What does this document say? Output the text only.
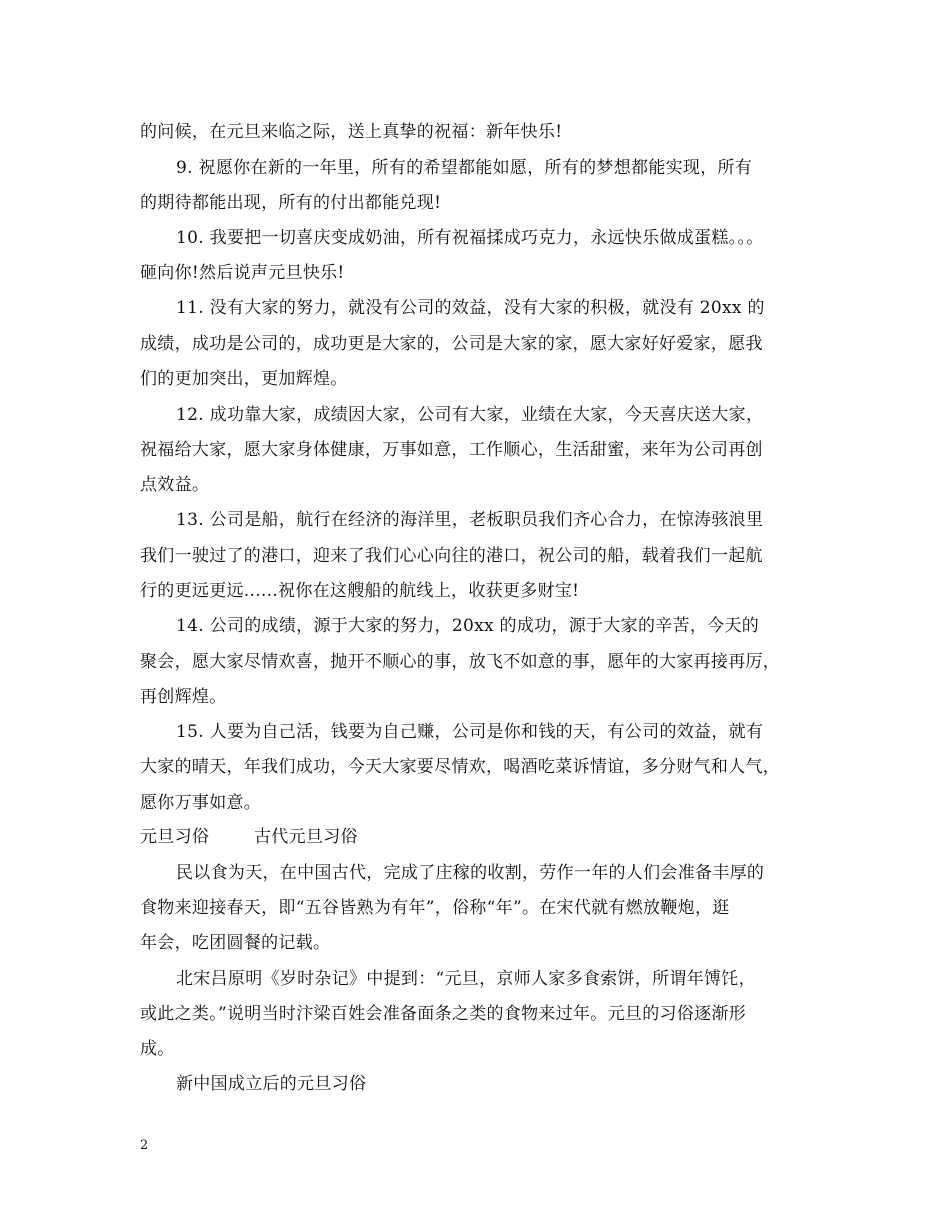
的问候，在元旦来临之际，送上真挚的祝福：新年快乐!
9. 祝愿你在新的一年里，所有的希望都能如愿，所有的梦想都能实现，所有
的期待都能出现，所有的付出都能兑现!
10. 我要把一切喜庆变成奶油，所有祝福揉成巧克力，永远快乐做成蛋糕。。。
砸向你!然后说声元旦快乐!
11. 没有大家的努力，就没有公司的效益，没有大家的积极，就没有 20xx 的
成绩，成功是公司的，成功更是大家的，公司是大家的家，愿大家好好爱家，愿我
们的更加突出，更加辉煌。
12. 成功靠大家，成绩因大家，公司有大家，业绩在大家，今天喜庆送大家，
祝福给大家，愿大家身体健康，万事如意，工作顺心，生活甜蜜，来年为公司再创
点效益。
13. 公司是船，航行在经济的海洋里，老板职员我们齐心合力，在惊涛骇浪里
我们一驶过了的港口，迎来了我们心心向往的港口，祝公司的船，载着我们一起航
行的更远更远......祝你在这艘船的航线上，收获更多财宝!
14. 公司的成绩，源于大家的努力，20xx 的成功，源于大家的辛苦，今天的
聚会，愿大家尽情欢喜，抛开不顺心的事，放飞不如意的事，愿年的大家再接再厉，
再创辉煌。
15. 人要为自己活，钱要为自己赚，公司是你和钱的天，有公司的效益，就有
大家的晴天，年我们成功，今天大家要尽情欢，喝酒吃菜诉情谊，多分财气和人气，
愿你万事如意。
元旦习俗	古代元旦习俗
民以食为天，在中国古代，完成了庄稼的收割，劳作一年的人们会准备丰厚的
食物来迎接春天，即“五谷皆熟为有年”，俗称“年”。在宋代就有燃放鞭炮，逛
年会，吃团圆餐的记载。
北宋吕原明《岁时杂记》中提到：“元旦，京师人家多食索饼，所谓年馎饦，
或此之类。”说明当时汴梁百姓会准备面条之类的食物来过年。元旦的习俗逐渐形
成。
新中国成立后的元旦习俗
2
